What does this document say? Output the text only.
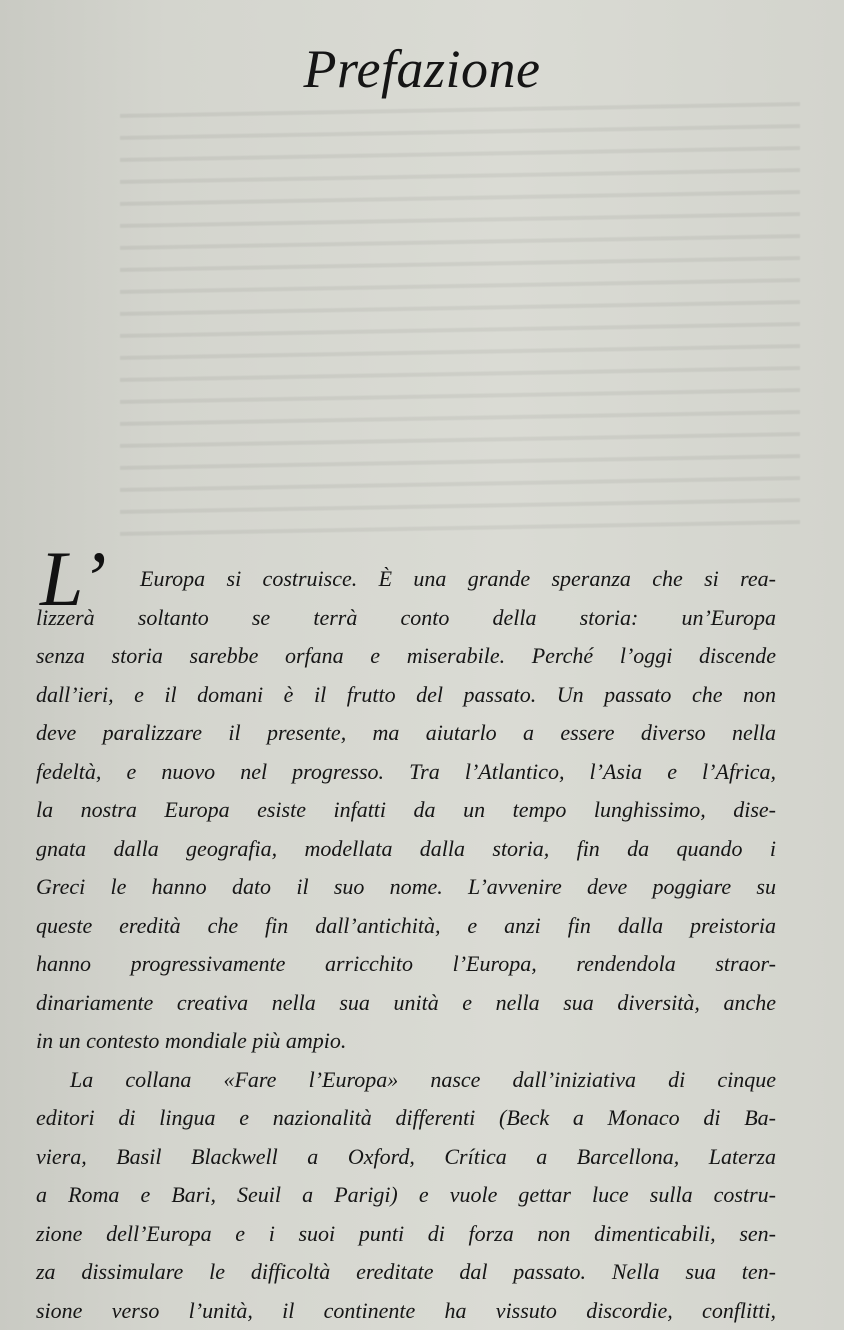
Prefazione
L’ Europa si costruisce. È una grande speranza che si rea-
lizzerà soltanto se terrà conto della storia: un’Europa
senza storia sarebbe orfana e miserabile. Perché l’oggi discende
dall’ieri, e il domani è il frutto del passato. Un passato che non
deve paralizzare il presente, ma aiutarlo a essere diverso nella
fedeltà, e nuovo nel progresso. Tra l’Atlantico, l’Asia e l’Africa,
la nostra Europa esiste infatti da un tempo lunghissimo, dise-
gnata dalla geografia, modellata dalla storia, fin da quando i
Greci le hanno dato il suo nome. L’avvenire deve poggiare su
queste eredità che fin dall’antichità, e anzi fin dalla preistoria
hanno progressivamente arricchito l’Europa, rendendola straor-
dinariamente creativa nella sua unità e nella sua diversità, anche
in un contesto mondiale più ampio.
La collana «Fare l’Europa» nasce dall’iniziativa di cinque
editori di lingua e nazionalità differenti (Beck a Monaco di Ba-
viera, Basil Blackwell a Oxford, Crítica a Barcellona, Laterza
a Roma e Bari, Seuil a Parigi) e vuole gettar luce sulla costru-
zione dell’Europa e i suoi punti di forza non dimenticabili, sen-
za dissimulare le difficoltà ereditate dal passato. Nella sua ten-
sione verso l’unità, il continente ha vissuto discordie, conflitti,
